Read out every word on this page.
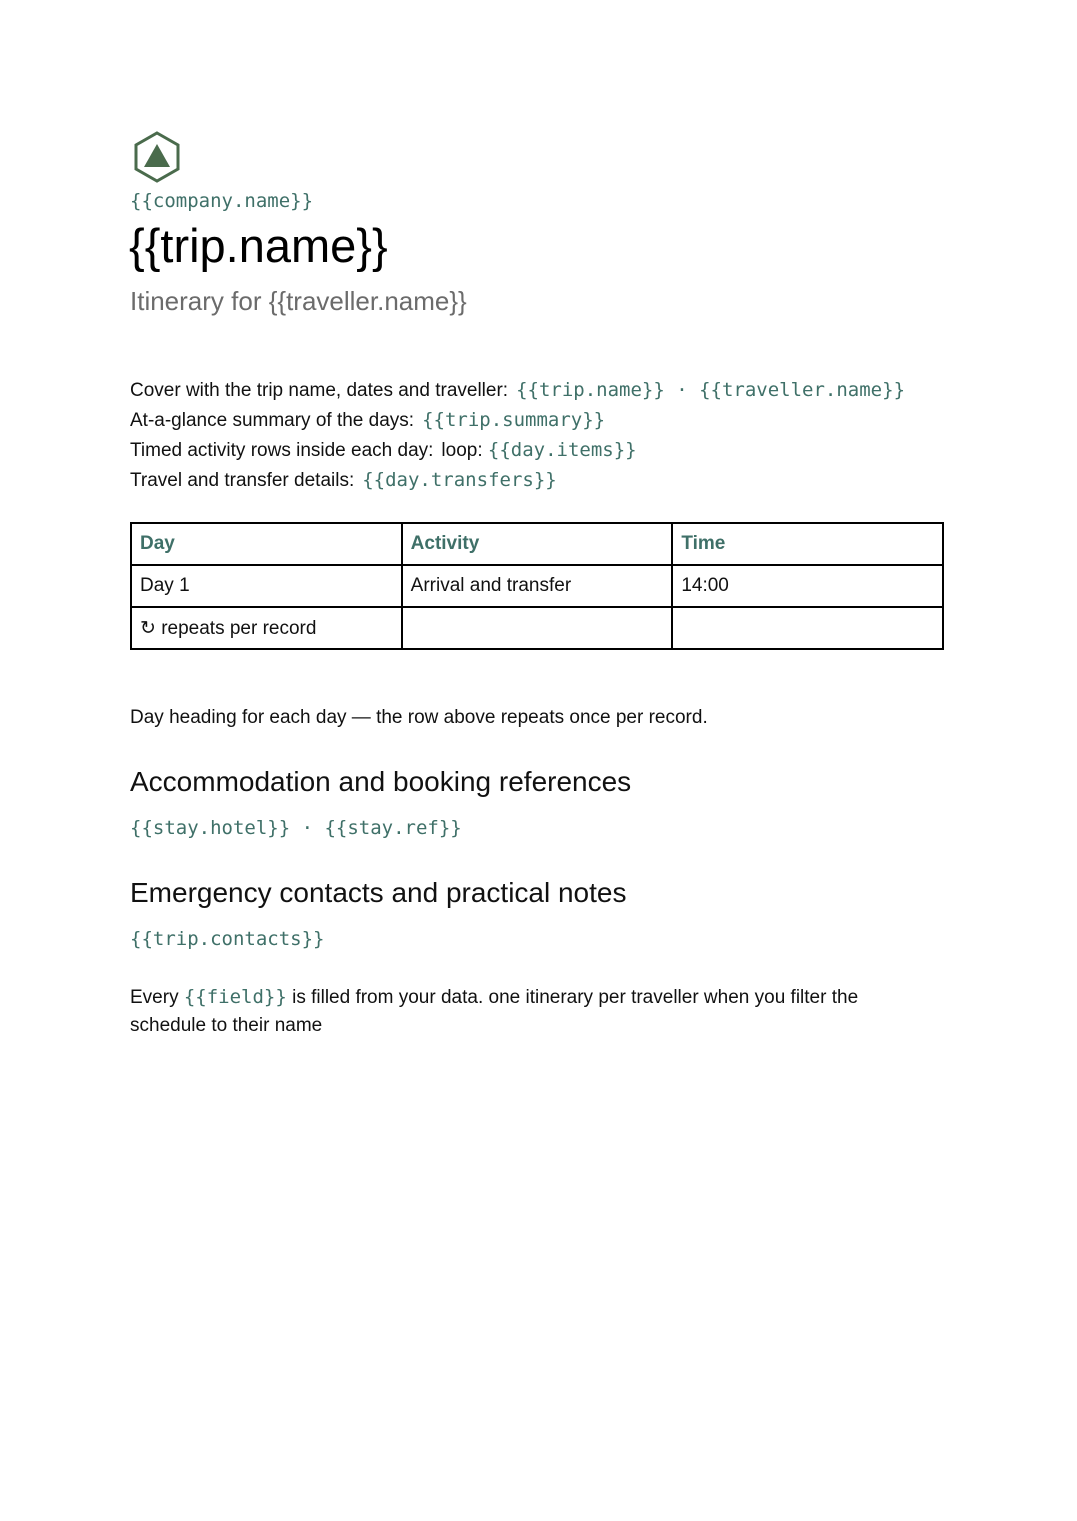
{{company.name}}
{{trip.name}}
Itinerary for {{traveller.name}}
Cover with the trip name, dates and traveller: {{trip.name}} · {{traveller.name}}
At-a-glance summary of the days: {{trip.summary}}
Timed activity rows inside each day: loop: {{day.items}}
Travel and transfer details: {{day.transfers}}
Day	Activity	Time
Day 1	Arrival and transfer	14:00
↻ repeats per record		
Day heading for each day — the row above repeats once per record.
Accommodation and booking references
{{stay.hotel}} · {{stay.ref}}
Emergency contacts and practical notes
{{trip.contacts}}
Every {{field}} is filled from your data. one itinerary per traveller when you filter the schedule to their name
